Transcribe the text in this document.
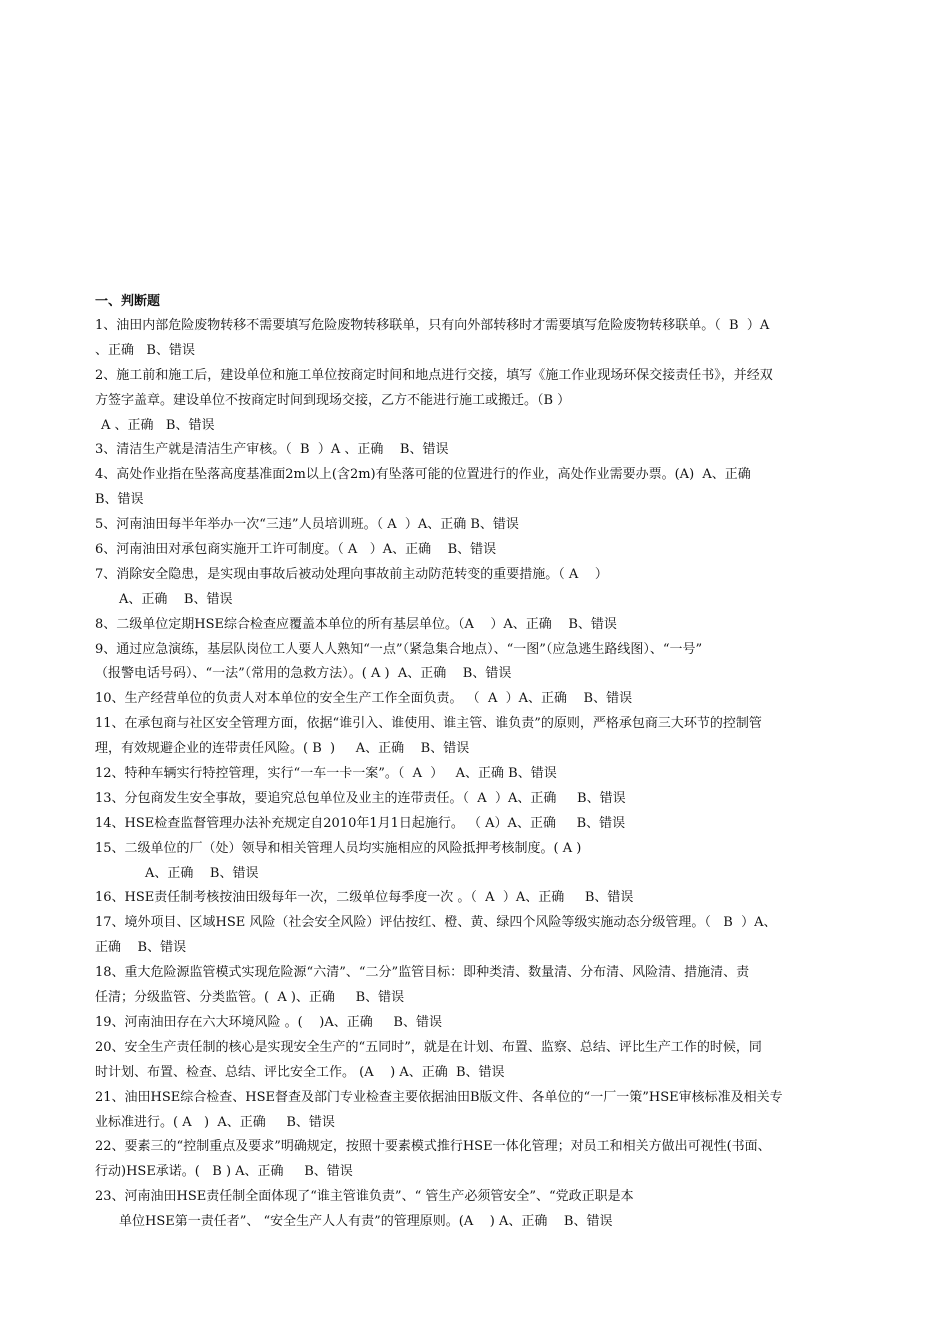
一、判断题
1、油田内部危险废物转移不需要填写危险废物转移联单，只有向外部转移时才需要填写危险废物转移联单。（  B  ）A
、正确   B、错误
2、施工前和施工后，建设单位和施工单位按商定时间和地点进行交接，填写《施工作业现场环保交接责任书》，并经双
方签字盖章。建设单位不按商定时间到现场交接，乙方不能进行施工或搬迁。（B ）
A 、正确   B、错误
3、清洁生产就是清洁生产审核。（  B  ）A 、正确    B、错误
4、高处作业指在坠落高度基准面2m以上(含2m)有坠落可能的位置进行的作业，高处作业需要办票。(A)  A、正确
B、错误
5、河南油田每半年举办一次“三违”人员培训班。（ A  ）A、正确 B、错误
6、河南油田对承包商实施开工许可制度。（ A   ）A、正确    B、错误
7、消除安全隐患，是实现由事故后被动处理向事故前主动防范转变的重要措施。（ A    ）
A、正确    B、错误
8、二级单位定期HSE综合检查应覆盖本单位的所有基层单位。（A    ）A、正确    B、错误
9、通过应急演练，基层队岗位工人要人人熟知“一点”（紧急集合地点）、“一图”（应急逃生路线图）、“一号”
（报警电话号码）、“一法”（常用的急救方法）。( A )  A、正确    B、错误
10、生产经营单位的负责人对本单位的安全生产工作全面负责。 （  A  ）A、正确    B、错误
11、在承包商与社区安全管理方面，依据“谁引入、谁使用、谁主管、谁负责”的原则，严格承包商三大环节的控制管
理，有效规避企业的连带责任风险。( B  )     A、正确    B、错误
12、特种车辆实行特控管理，实行“一车一卡一案”。（  A  ）   A、正确 B、错误
13、分包商发生安全事故，要追究总包单位及业主的连带责任。（  A  ）A、正确     B、错误
14、HSE检查监督管理办法补充规定自2010年1月1日起施行。 （ A）A、正确     B、错误
15、二级单位的厂（处）领导和相关管理人员均实施相应的风险抵押考核制度。( A )
A、正确    B、错误
16、HSE责任制考核按油田级每年一次，二级单位每季度一次 。（  A  ）A、正确     B、错误
17、境外项目、区域HSE 风险（社会安全风险）评估按红、橙、黄、绿四个风险等级实施动态分级管理。（   B  ）A、
正确    B、错误
18、重大危险源监管模式实现危险源“六清”、“二分”监管目标：即种类清、数量清、分布清、风险清、措施清、责
任清；分级监管、分类监管。(  A )、正确     B、错误
19、河南油田存在六大环境风险 。(    )A、正确     B、错误
20、安全生产责任制的核心是实现安全生产的“五同时”，就是在计划、布置、监察、总结、评比生产工作的时候，同
时计划、布置、检查、总结、评比安全工作。 (A    ) A、正确  B、错误
21、油田HSE综合检查、HSE督查及部门专业检查主要依据油田B版文件、各单位的“一厂一策”HSE审核标准及相关专
业标准进行。( A   )  A、正确     B、错误
22、要素三的“控制重点及要求”明确规定，按照十要素模式推行HSE一体化管理；对员工和相关方做出可视性(书面、
行动)HSE承诺。(   B ) A、正确     B、错误
23、河南油田HSE责任制全面体现了“谁主管谁负责”、“ 管生产必须管安全”、“党政正职是本
单位HSE第一责任者”、 “安全生产人人有责”的管理原则。(A    ) A、正确    B、错误
